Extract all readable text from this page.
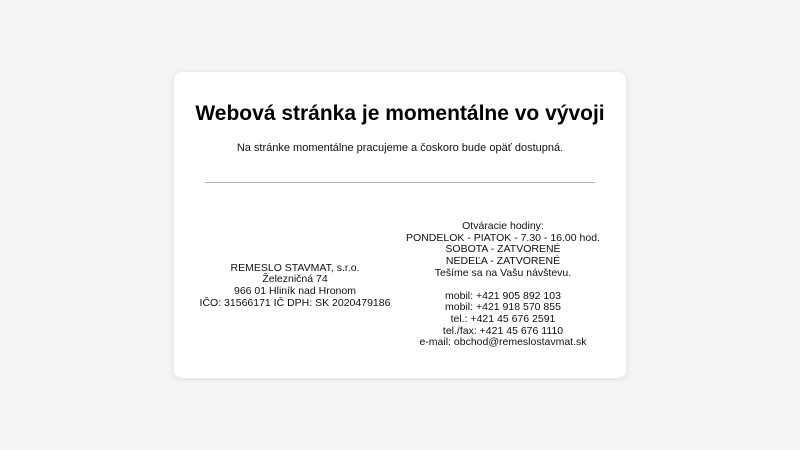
Webová stránka je momentálne vo vývoji

Na stránke momentálne pracujeme a čoskoro bude opäť dostupná.

REMESLO STAVMAT, s.r.o.
Železničná 74
966 01 Hliník nad Hronom
IČO: 31566171 IČ DPH: SK 2020479186
Otváracie hodiny:
PONDELOK - PIATOK - 7.30 - 16.00 hod.
SOBOTA - ZATVORENÉ
NEDEĽA - ZATVORENÉ
Tešíme sa na Vašu návštevu.
mobil: +421 905 892 103
mobil: +421 918 570 855
tel.: +421 45 676 2591
tel./fax: +421 45 676 1110
e-mail: obchod@remeslostavmat.sk
